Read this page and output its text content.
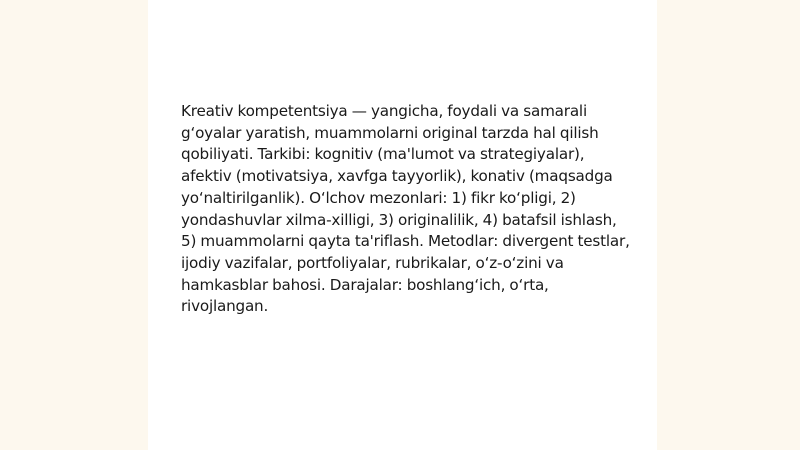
Kreativ kompetentsiya — yangicha, foydali va samarali g‘oyalar yaratish, muammolarni original tarzda hal qilish qobiliyati. Tarkibi: kognitiv (ma'lumot va strategiyalar), afektiv (motivatsiya, xavfga tayyorlik), konativ (maqsadga yo‘naltirilganlik). O‘lchov mezonlari: 1) fikr ko‘pligi, 2) yondashuvlar xilma-xilligi, 3) originalilik, 4) batafsil ishlash, 5) muammolarni qayta ta'riflash. Metodlar: divergent testlar, ijodiy vazifalar, portfoliyalar, rubrikalar, o‘z-o‘zini va hamkasblar bahosi. Darajalar: boshlang‘ich, o‘rta, rivojlangan.
